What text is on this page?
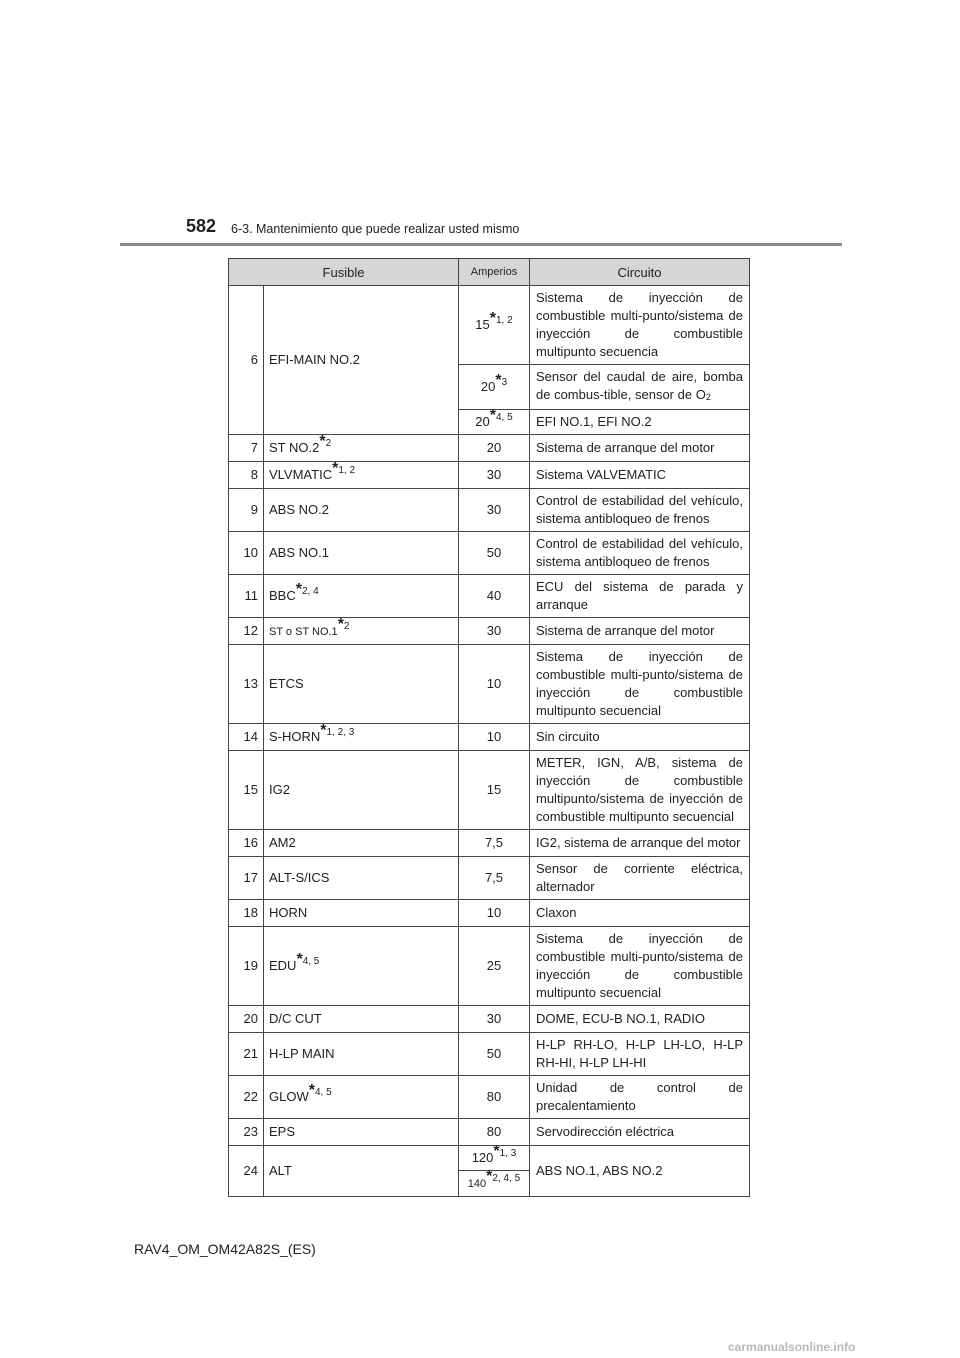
582 6-3. Mantenimiento que puede realizar usted mismo
Fusible		Amperios	Circuito
6	EFI-MAIN NO.2	15$^{*1, 2}$	Sistema de inyección de combustible multi-punto/sistema de inyección de combustible multipunto secuencia
		20$^{*3}$	Sensor del caudal de aire, bomba de combus-tible, sensor de O2
		20$^{*4, 5}$	EFI NO.1, EFI NO.2
7	ST NO.2$^{*2}$	20	Sistema de arranque del motor
8	VLVMATIC$^{*1, 2}$	30	Sistema VALVEMATIC
9	ABS NO.2	30	Control de estabilidad del vehículo, sistema antibloqueo de frenos
10	ABS NO.1	50	Control de estabilidad del vehículo, sistema antibloqueo de frenos
11	BBC$^{*2, 4}$	40	ECU del sistema de parada y arranque
12	ST o ST NO.1$^{*2}$	30	Sistema de arranque del motor
13	ETCS	10	Sistema de inyección de combustible multi-punto/sistema de inyección de combustible multipunto secuencial
14	S-HORN$^{*1, 2, 3}$	10	Sin circuito
15	IG2	15	METER, IGN, A/B, sistema de inyección de combustible multipunto/sistema de inyección de combustible multipunto secuencial
16	AM2	7,5	IG2, sistema de arranque del motor
17	ALT-S/ICS	7,5	Sensor de corriente eléctrica, alternador
18	HORN	10	Claxon
19	EDU$^{*4, 5}$	25	Sistema de inyección de combustible multi-punto/sistema de inyección de combustible multipunto secuencial
20	D/C CUT	30	DOME, ECU-B NO.1, RADIO
21	H-LP MAIN	50	H-LP RH-LO, H-LP LH-LO, H-LP RH-HI, H-LP LH-HI
22	GLOW$^{*4, 5}$	80	Unidad de control de precalentamiento
23	EPS	80	Servodirección eléctrica
24	ALT	120$^{*1, 3}$	ABS NO.1, ABS NO.2
		140$^{*2, 4, 5}$
RAV4_OM_OM42A82S_(ES)
carmanualsonline.info
